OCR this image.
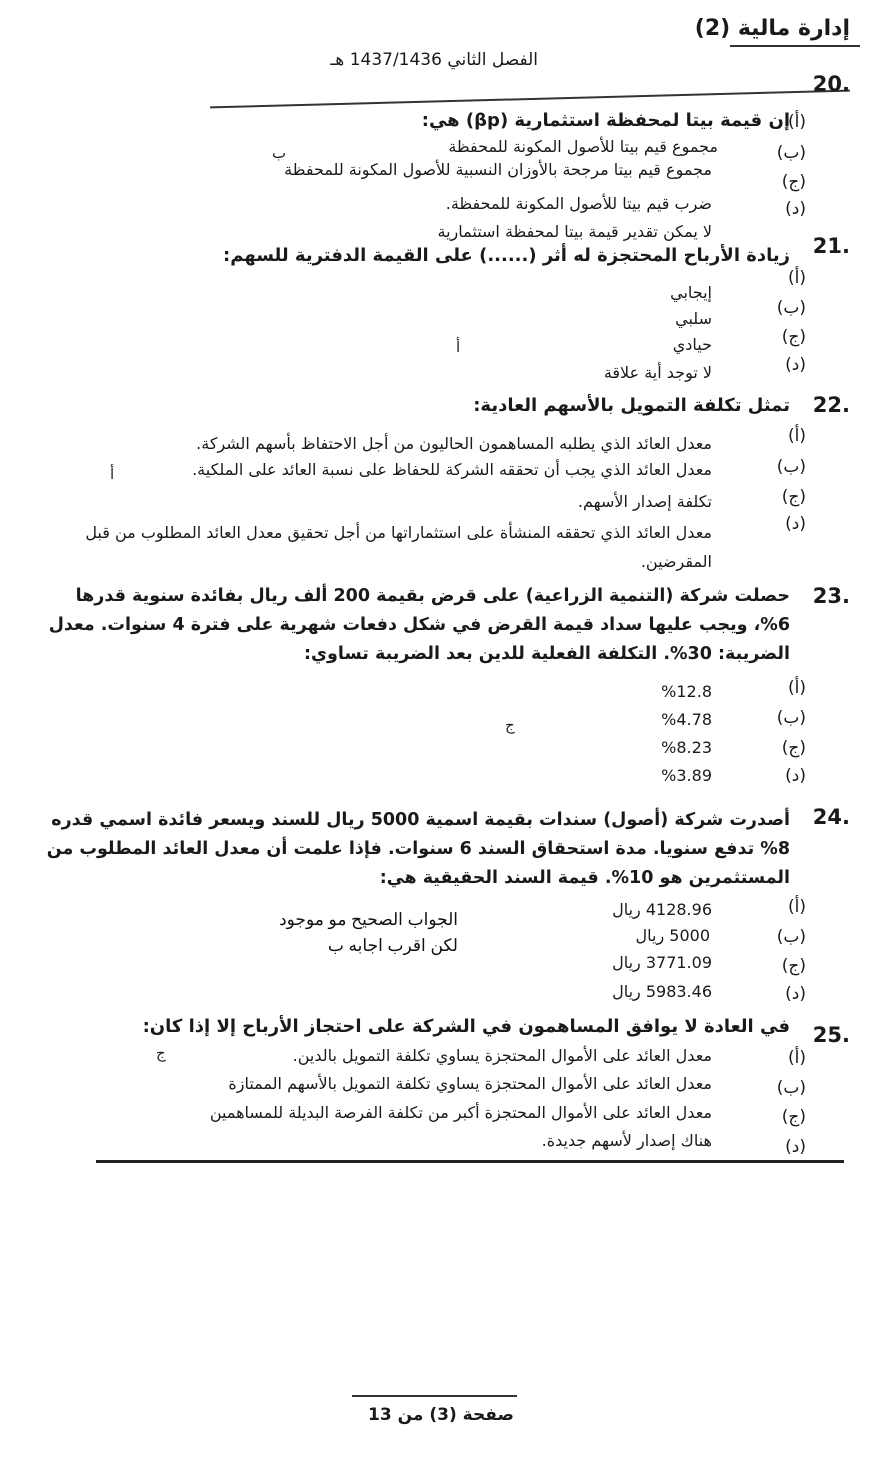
إدارة مالية (2)
الفصل الثاني 1437/1436 هـ
20.
إن قيمة بيتا لمحفظة استثمارية (βp) هي:
(أ)
مجموع قيم بيتا للأصول المكونة للمحفظة	(ب)
مجموع قيم بيتا مرجحة بالأوزان النسبية للأصول المكونة للمحفظة
(ج)
ضرب قيم بيتا للأصول المكونة للمحفظة.	(د)
لا يمكن تقدير قيمة بيتا لمحفظة استثمارية
ب
21.
زيادة الأرباح المحتجزة له أثر (......) على القيمة الدفترية للسهم:
(أ)
إيجابي
(ب)
سلبي
(ج)
حيادي
(د)
لا توجد أية علاقة
أ
22.
تمثل تكلفة التمويل بالأسهم العادية:
(أ)
معدل العائد الذي يطلبه المساهمون الحاليون من أجل الاحتفاظ بأسهم الشركة.
(ب)
معدل العائد الذي يجب أن تحققه الشركة للحفاظ على نسبة العائد على الملكية.
(ج)
تكلفة إصدار الأسهم.
(د)
معدل العائد الذي تحققه المنشأة على استثماراتها من أجل تحقيق معدل العائد المطلوب من قبل المقرضين.
أ
23.
حصلت شركة (التنمية الزراعية) على قرض بقيمة 200 ألف ريال بفائدة سنوية قدرها 6%، ويجب عليها سداد قيمة القرض في شكل دفعات شهرية على فترة 4 سنوات. معدل الضريبة: 30%. التكلفة الفعلية للدين بعد الضريبة تساوي:
(أ)
%12.8
(ب)
%4.78
(ج)
%8.23
(د)
%3.89
ج
24.
أصدرت شركة (أصول) سندات بقيمة اسمية 5000 ريال للسند ويسعر فائدة اسمي قدره 8% تدفع سنويا. مدة استحقاق السند 6 سنوات. فإذا علمت أن معدل العائد المطلوب من المستثمرين هو 10%. قيمة السند الحقيقية هي:
(أ)
4128.96 ريال
(ب)
5000 ريال
(ج)
3771.09 ريال
(د)
5983.46 ريال
الجواب الصحيح مو موجود
لكن اقرب اجابه ب
25.
في العادة لا يوافق المساهمون في الشركة على احتجاز الأرباح إلا إذا كان:
(أ)
معدل العائد على الأموال المحتجزة يساوي تكلفة التمويل بالدين.
(ب)
معدل العائد على الأموال المحتجزة يساوي تكلفة التمويل بالأسهم الممتازة
(ج)
معدل العائد على الأموال المحتجزة أكبر من تكلفة الفرصة البديلة للمساهمين
(د)
هناك إصدار لأسهم جديدة.
ج
صفحة (3) من 13
